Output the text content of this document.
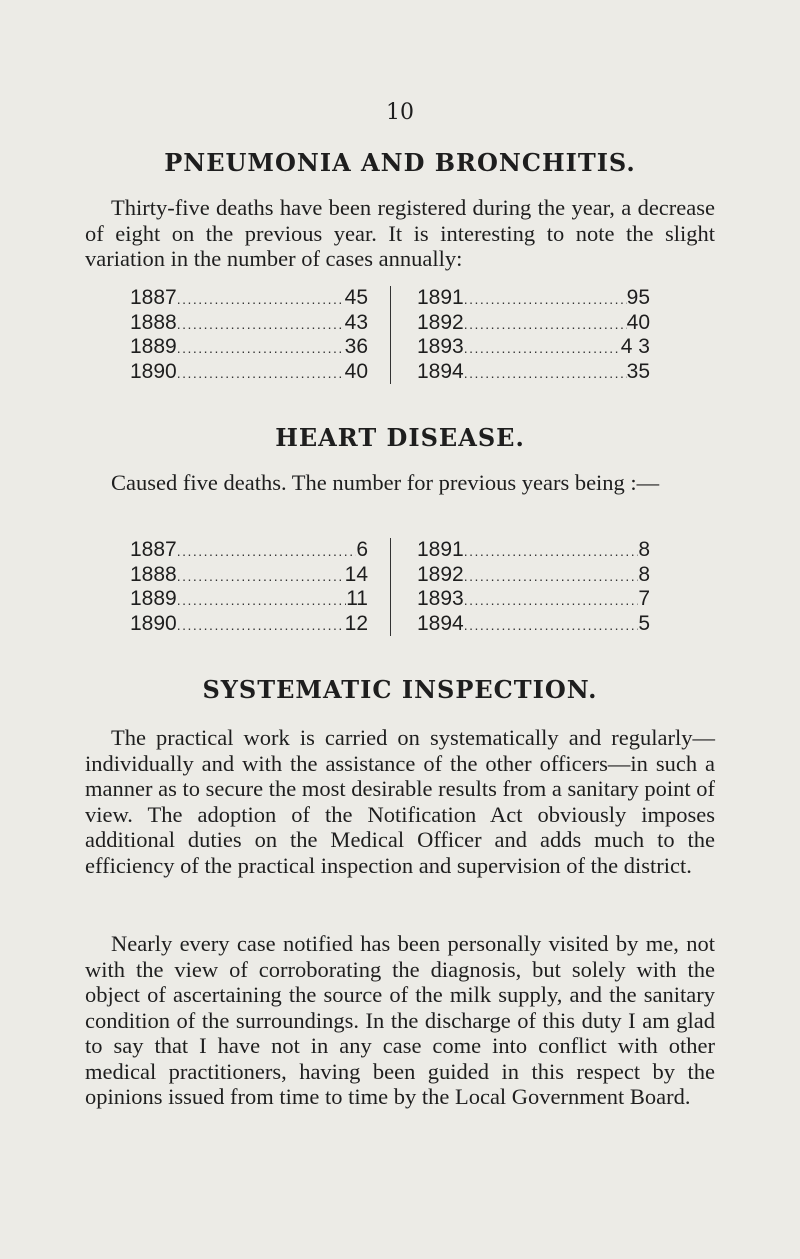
10
PNEUMONIA AND BRONCHITIS.

Thirty-five deaths have been registered during the year, a decrease of eight on the previous year. It is interesting to note the slight variation in the number of cases annually:

1887 .....	45
1888 .....	43
1889 .....	36
1890 .....	40
1891 .....	95
1892 .....	40
1893 .....	4 3
1894 .....	35
HEART DISEASE.

Caused five deaths. The number for previous years being :—

1887 .....	6
1888 .....	14
1889 .....	11
1890 .....	12
1891 .....	8
1892 .....	8
1893 .....	7
1894 .....	5
SYSTEMATIC INSPECTION.

The practical work is carried on systematically and regularly—individually and with the assistance of the other officers—in such a manner as to secure the most desirable results from a sanitary point of view. The adoption of the Notification Act obviously imposes additional duties on the Medical Officer and adds much to the efficiency of the practical inspection and supervision of the district.

Nearly every case notified has been personally visited by me, not with the view of corroborating the diagnosis, but solely with the object of ascertaining the source of the milk supply, and the sanitary condition of the surroundings. In the discharge of this duty I am glad to say that I have not in any case come into conflict with other medical practitioners, having been guided in this respect by the opinions issued from time to time by the Local Government Board.
